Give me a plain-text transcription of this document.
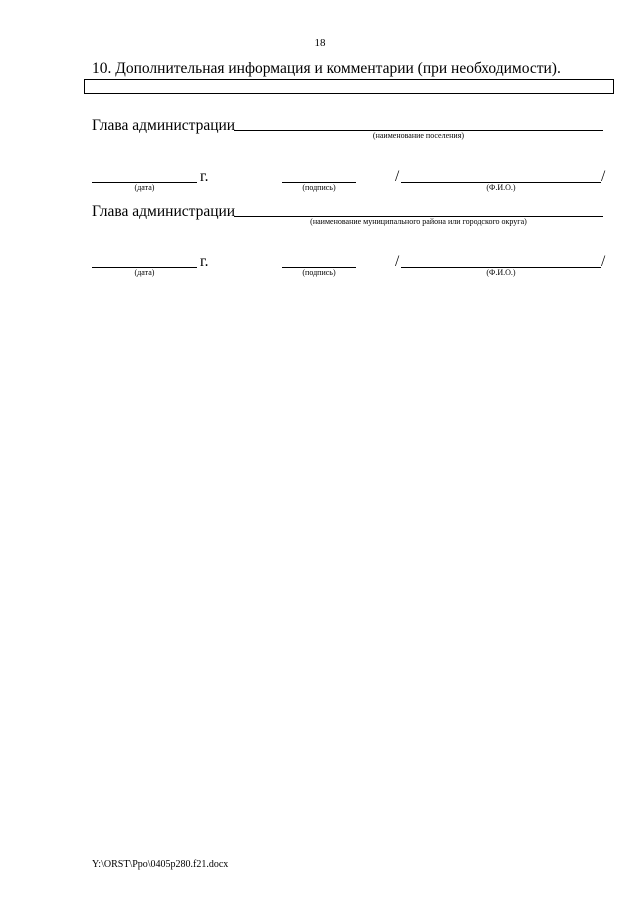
18
10. Дополнительная информация и комментарии (при необходимости).
Глава администрации
(наименование поселения)
г.
(дата)	(подпись)
/	/
(Ф.И.О.)
Глава администрации
(наименование муниципального района или городского округа)
г.
(дата)	(подпись)
/	/
(Ф.И.О.)
Y:\ORST\Ppo\0405p280.f21.docx
